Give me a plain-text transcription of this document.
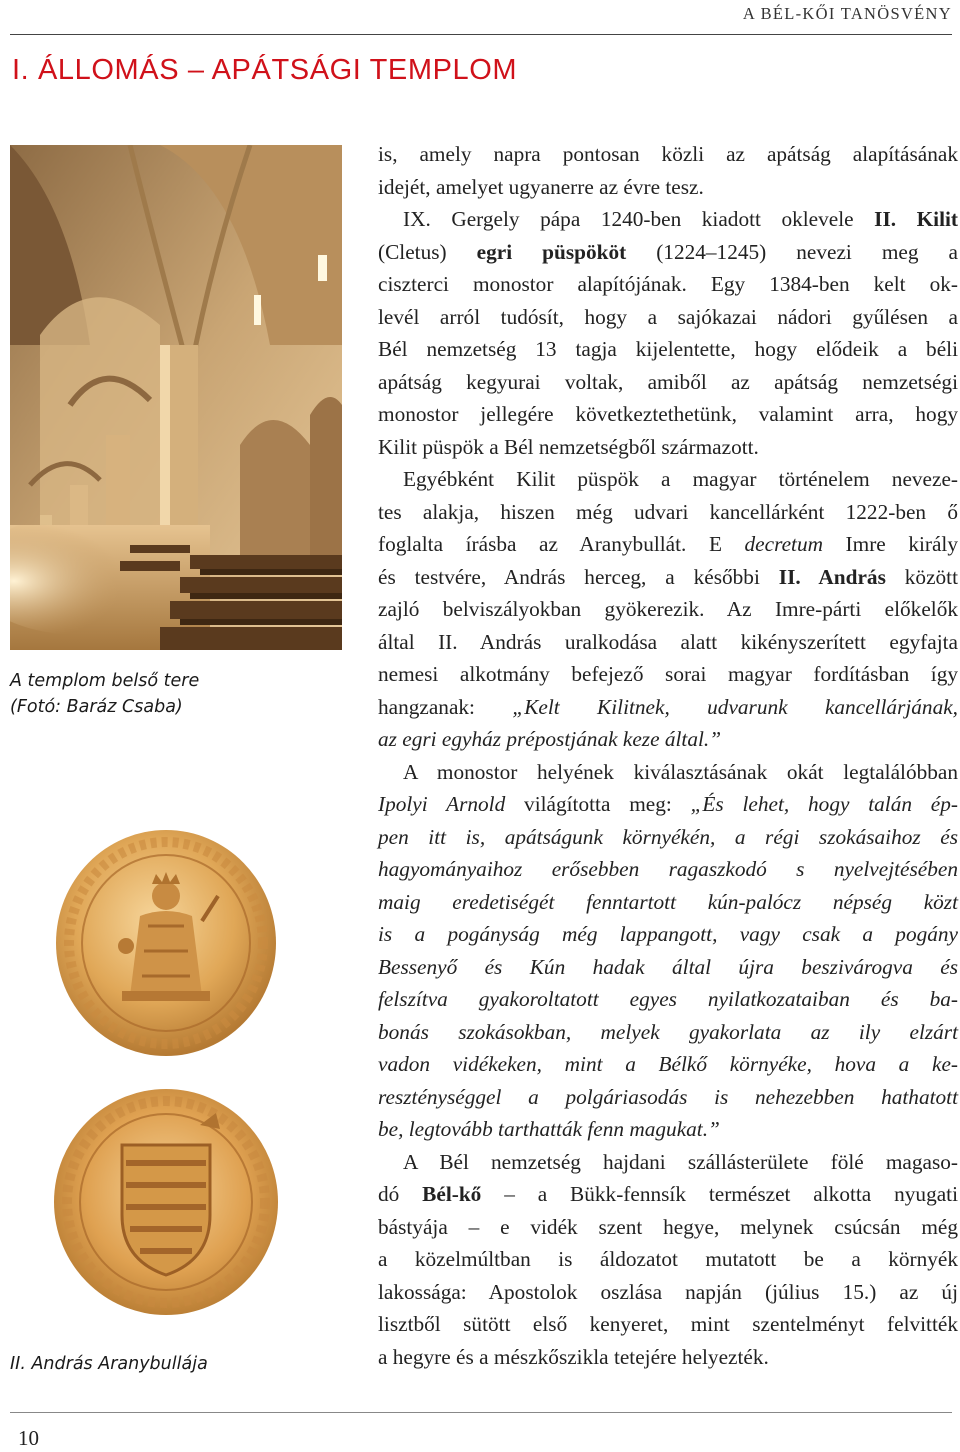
A BÉL-KŐI TANÖSVÉNY
I. ÁLLOMÁS – APÁTSÁGI TEMPLOM
A templom belső tere
(Fotó: Baráz Csaba)
II. András Aranybullája
is, amely napra pontosan közli az apátság alapításának
idejét, amelyet ugyanerre az évre tesz.
IX. Gergely pápa 1240-ben kiadott oklevele II. Kilit
(Cletus) egri püspököt (1224–1245) nevezi meg a
ciszterci monostor alapítójának. Egy 1384-ben kelt ok-
levél arról tudósít, hogy a sajókazai nádori gyűlésen a
Bél nemzetség 13 tagja kijelentette, hogy elődeik a béli
apátság kegyurai voltak, amiből az apátság nemzetségi
monostor jellegére következtethetünk, valamint arra, hogy
Kilit püspök a Bél nemzetségből származott.
Egyébként Kilit püspök a magyar történelem neveze-
tes alakja, hiszen még udvari kancellárként 1222-ben ő
foglalta írásba az Aranybullát. E decretum Imre király
és testvére, András herceg, a későbbi II. András között
zajló belviszályokban gyökerezik. Az Imre-párti előkelők
által II. András uralkodása alatt kikényszerített egyfajta
nemesi alkotmány befejező sorai magyar fordításban így
hangzanak: „Kelt Kilitnek, udvarunk kancellárjának,
az egri egyház prépostjának keze által.”
A monostor helyének kiválasztásának okát legtalálóbban
Ipolyi Arnold világította meg: „És lehet, hogy talán ép-
pen itt is, apátságunk környékén, a régi szokásaihoz és
hagyományaihoz erősebben ragaszkodó s nyelvejtésében
maig eredetiségét fenntartott kún-palócz népség közt
is a pogányság még lappangott, vagy csak a pogány
Bessenyő és Kún hadak által újra beszivárogva és
felszítva gyakoroltatott egyes nyilatkozataiban és ba-
bonás szokásokban, melyek gyakorlata az ily elzárt
vadon vidékeken, mint a Bélkő környéke, hova a ke-
reszténységgel a polgáriasodás is nehezebben hathatott
be, legtovább tarthatták fenn magukat.”
A Bél nemzetség hajdani szállásterülete fölé magaso-
dó Bél-kő – a Bükk-fennsík természet alkotta nyugati
bástyája – e vidék szent hegye, melynek csúcsán még
a közelmúltban is áldozatot mutatott be a környék
lakossága: Apostolok oszlása napján (július 15.) az új
lisztből sütött első kenyeret, mint szentelményt felvitték
a hegyre és a mészkőszikla tetejére helyezték.
10
